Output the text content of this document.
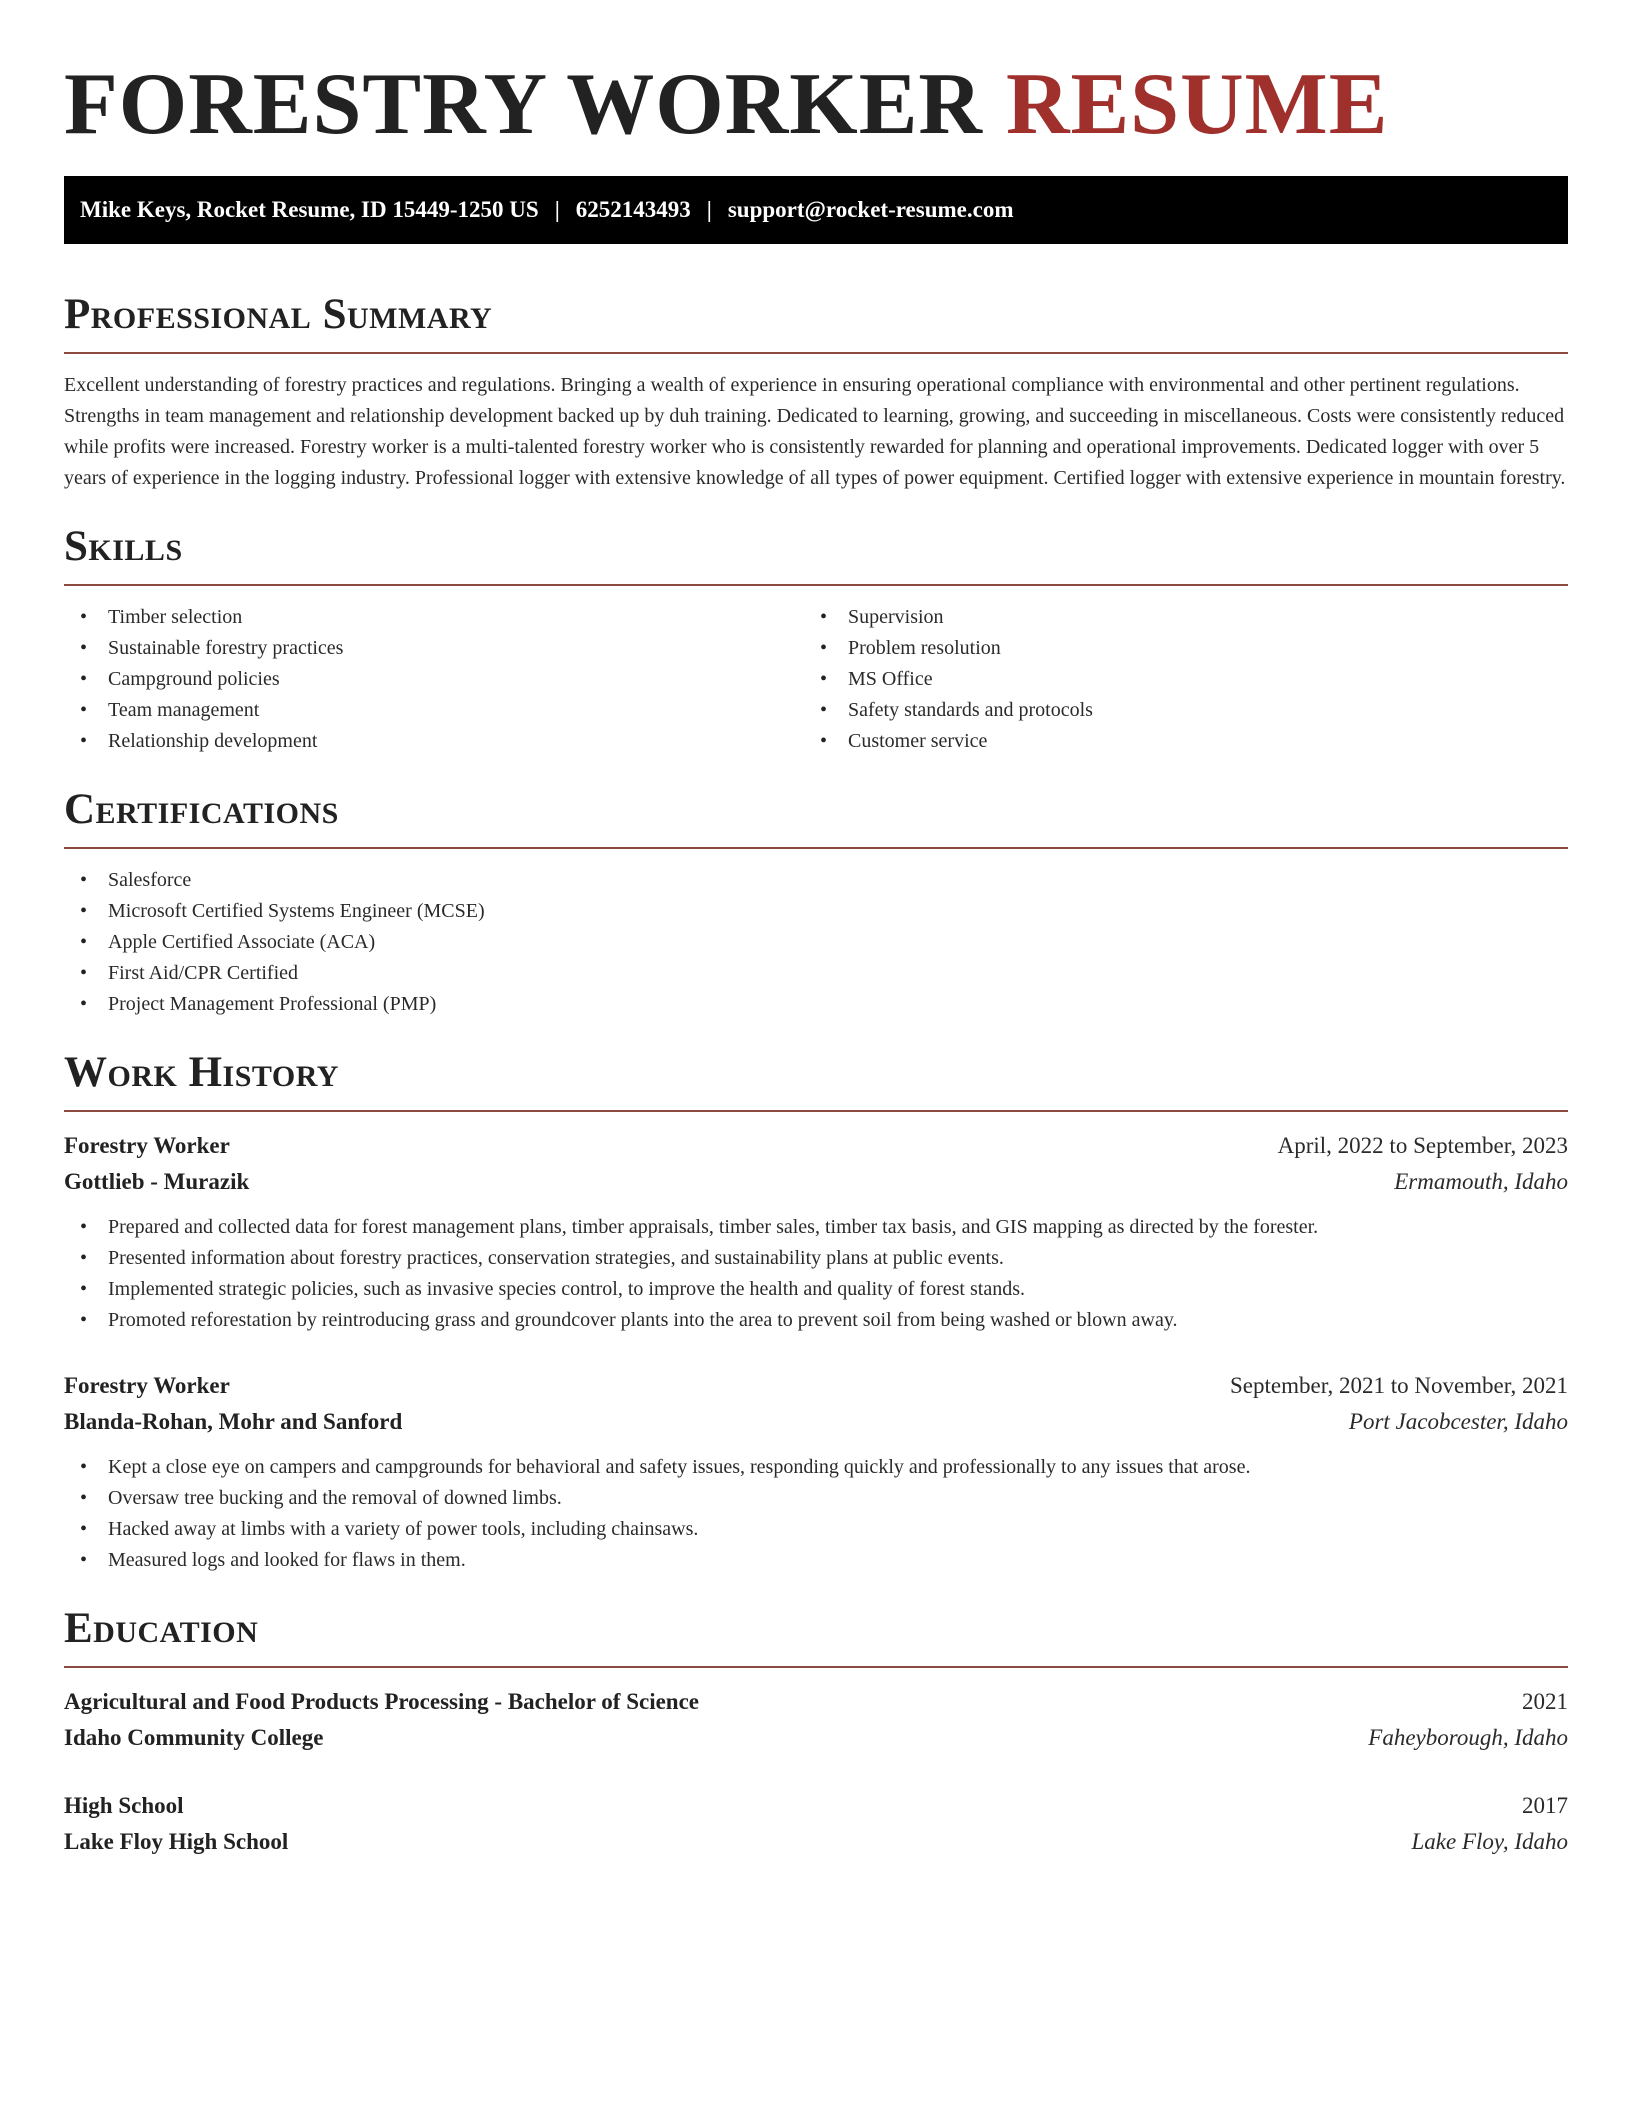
FORESTRY WORKER RESUME
Mike Keys, Rocket Resume, ID 15449-1250 US | 6252143493 | support@rocket-resume.com
Professional Summary

Excellent understanding of forestry practices and regulations. Bringing a wealth of experience in ensuring operational compliance with environmental and other pertinent regulations. Strengths in team management and relationship development backed up by duh training. Dedicated to learning, growing, and succeeding in miscellaneous. Costs were consistently reduced while profits were increased. Forestry worker is a multi-talented forestry worker who is consistently rewarded for planning and operational improvements. Dedicated logger with over 5 years of experience in the logging industry. Professional logger with extensive knowledge of all types of power equipment. Certified logger with extensive experience in mountain forestry.

Skills
• Timber selection
• Sustainable forestry practices
• Campground policies
• Team management
• Relationship development
• Supervision
• Problem resolution
• MS Office
• Safety standards and protocols
• Customer service
Certifications
• Salesforce
• Microsoft Certified Systems Engineer (MCSE)
• Apple Certified Associate (ACA)
• First Aid/CPR Certified
• Project Management Professional (PMP)
Work History
Forestry Worker	April, 2022 to September, 2023
Gottlieb - Murazik	Ermamouth, Idaho
• Prepared and collected data for forest management plans, timber appraisals, timber sales, timber tax basis, and GIS mapping as directed by the forester.
• Presented information about forestry practices, conservation strategies, and sustainability plans at public events.
• Implemented strategic policies, such as invasive species control, to improve the health and quality of forest stands.
• Promoted reforestation by reintroducing grass and groundcover plants into the area to prevent soil from being washed or blown away.
Forestry Worker	September, 2021 to November, 2021
Blanda-Rohan, Mohr and Sanford	Port Jacobcester, Idaho
• Kept a close eye on campers and campgrounds for behavioral and safety issues, responding quickly and professionally to any issues that arose.
• Oversaw tree bucking and the removal of downed limbs.
• Hacked away at limbs with a variety of power tools, including chainsaws.
• Measured logs and looked for flaws in them.
Education
Agricultural and Food Products Processing - Bachelor of Science	2021
Idaho Community College	Faheyborough, Idaho
High School	2017
Lake Floy High School	Lake Floy, Idaho
